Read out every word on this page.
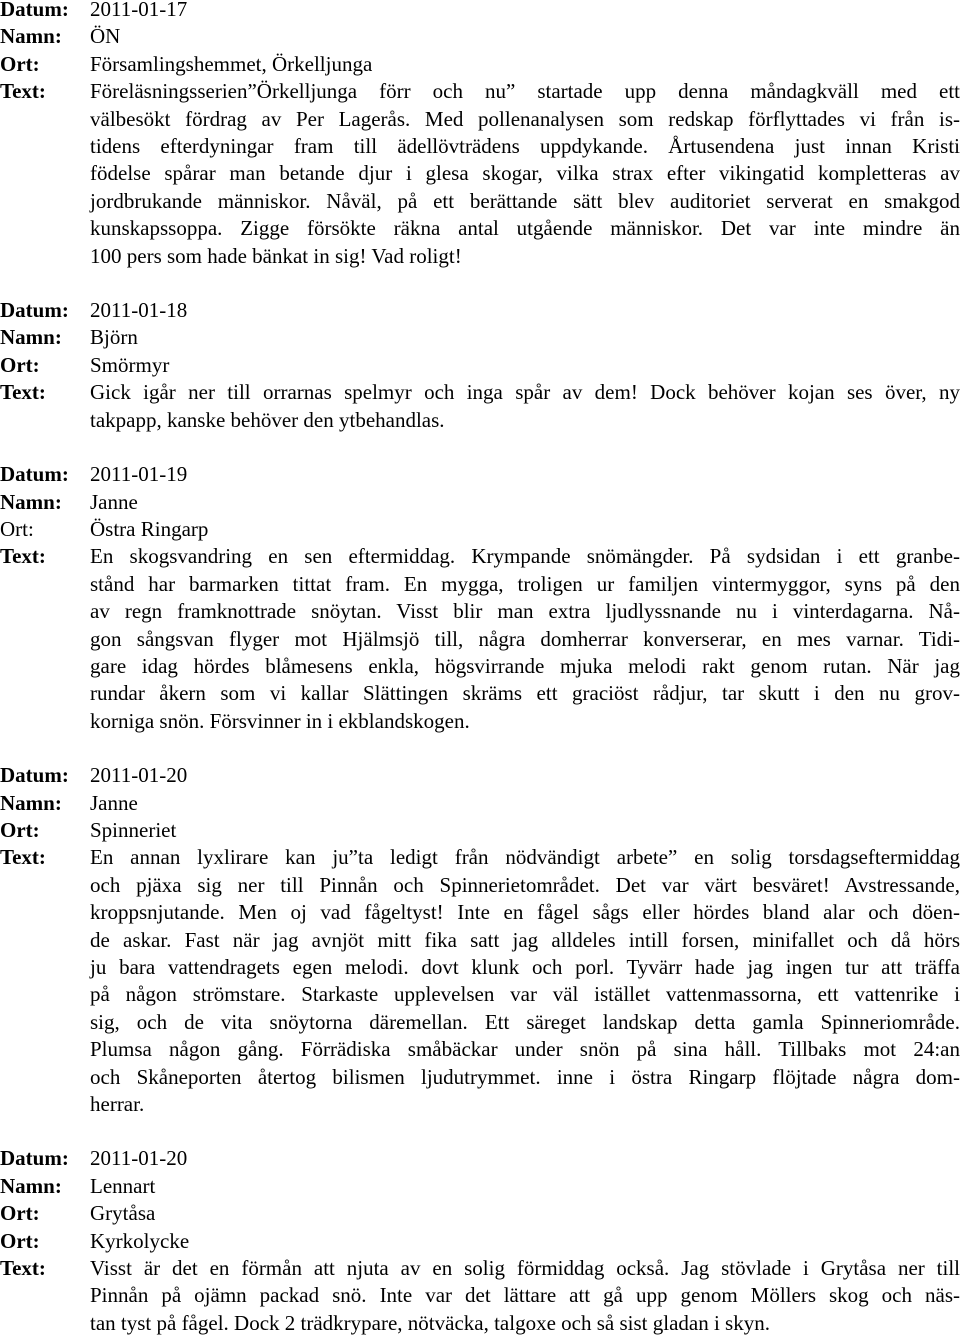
Datum:	2011-01-17
Namn:	ÖN
Ort:	Församlingshemmet, Örkelljunga
Text:	Föreläsningsserien”Örkelljunga förr och nu” startade upp denna måndagkväll med ett
välbesökt fördrag av Per Lagerås. Med pollenanalysen som redskap förflyttades vi från is-
tidens efterdyningar fram till ädellövträdens uppdykande. Årtusendena just innan Kristi
födelse spårar man betande djur i glesa skogar, vilka strax efter vikingatid kompletteras av
jordbrukande människor. Nåväl, på ett berättande sätt blev auditoriet serverat en smakgod
kunskapssoppa. Zigge försökte räkna antal utgående människor. Det var inte mindre än
100 pers som hade bänkat in sig! Vad roligt!
Datum:	2011-01-18
Namn:	Björn
Ort:	Smörmyr
Text:	Gick igår ner till orrarnas spelmyr och inga spår av dem! Dock behöver kojan ses över, ny
takpapp, kanske behöver den ytbehandlas.
Datum:	2011-01-19
Namn:	Janne
Ort:	Östra Ringarp
Text:	En skogsvandring en sen eftermiddag. Krympande snömängder. På sydsidan i ett granbe-
stånd har barmarken tittat fram. En mygga, troligen ur familjen vintermyggor, syns på den
av regn framknottrade snöytan. Visst blir man extra ljudlyssnande nu i vinterdagarna. Nå-
gon sångsvan flyger mot Hjälmsjö till, några domherrar konverserar, en mes varnar. Tidi-
gare idag hördes blåmesens enkla, högsvirrande mjuka melodi rakt genom rutan. När jag
rundar åkern som vi kallar Slättingen skräms ett graciöst rådjur, tar skutt i den nu grov-
korniga snön. Försvinner in i ekblandskogen.
Datum:	2011-01-20
Namn:	Janne
Ort:	Spinneriet
Text:	En annan lyxlirare kan ju”ta ledigt från nödvändigt arbete” en solig torsdagseftermiddag
och pjäxa sig ner till Pinnån och Spinnerietområdet. Det var värt besväret! Avstressande,
kroppsnjutande. Men oj vad fågeltyst! Inte en fågel sågs eller hördes bland alar och döen-
de askar. Fast när jag avnjöt mitt fika satt jag alldeles intill forsen, minifallet och då hörs
ju bara vattendragets egen melodi. dovt klunk och porl. Tyvärr hade jag ingen tur att träffa
på någon strömstare. Starkaste upplevelsen var väl istället vattenmassorna, ett vattenrike i
sig, och de vita snöytorna däremellan. Ett säreget landskap detta gamla Spinneriområde.
Plumsa någon gång. Förrädiska småbäckar under snön på sina håll. Tillbaks mot 24:an
och Skåneporten återtog bilismen ljudutrymmet. inne i östra Ringarp flöjtade några dom-
herrar.
Datum:	2011-01-20
Namn:	Lennart
Ort:	Grytåsa
Ort:	Kyrkolycke
Text:	Visst är det en förmån att njuta av en solig förmiddag också. Jag stövlade i Grytåsa ner till
Pinnån på ojämn packad snö. Inte var det lättare att gå upp genom Möllers skog och näs-
tan tyst på fågel. Dock 2 trädkrypare, nötväcka, talgoxe och så sist gladan i skyn.
